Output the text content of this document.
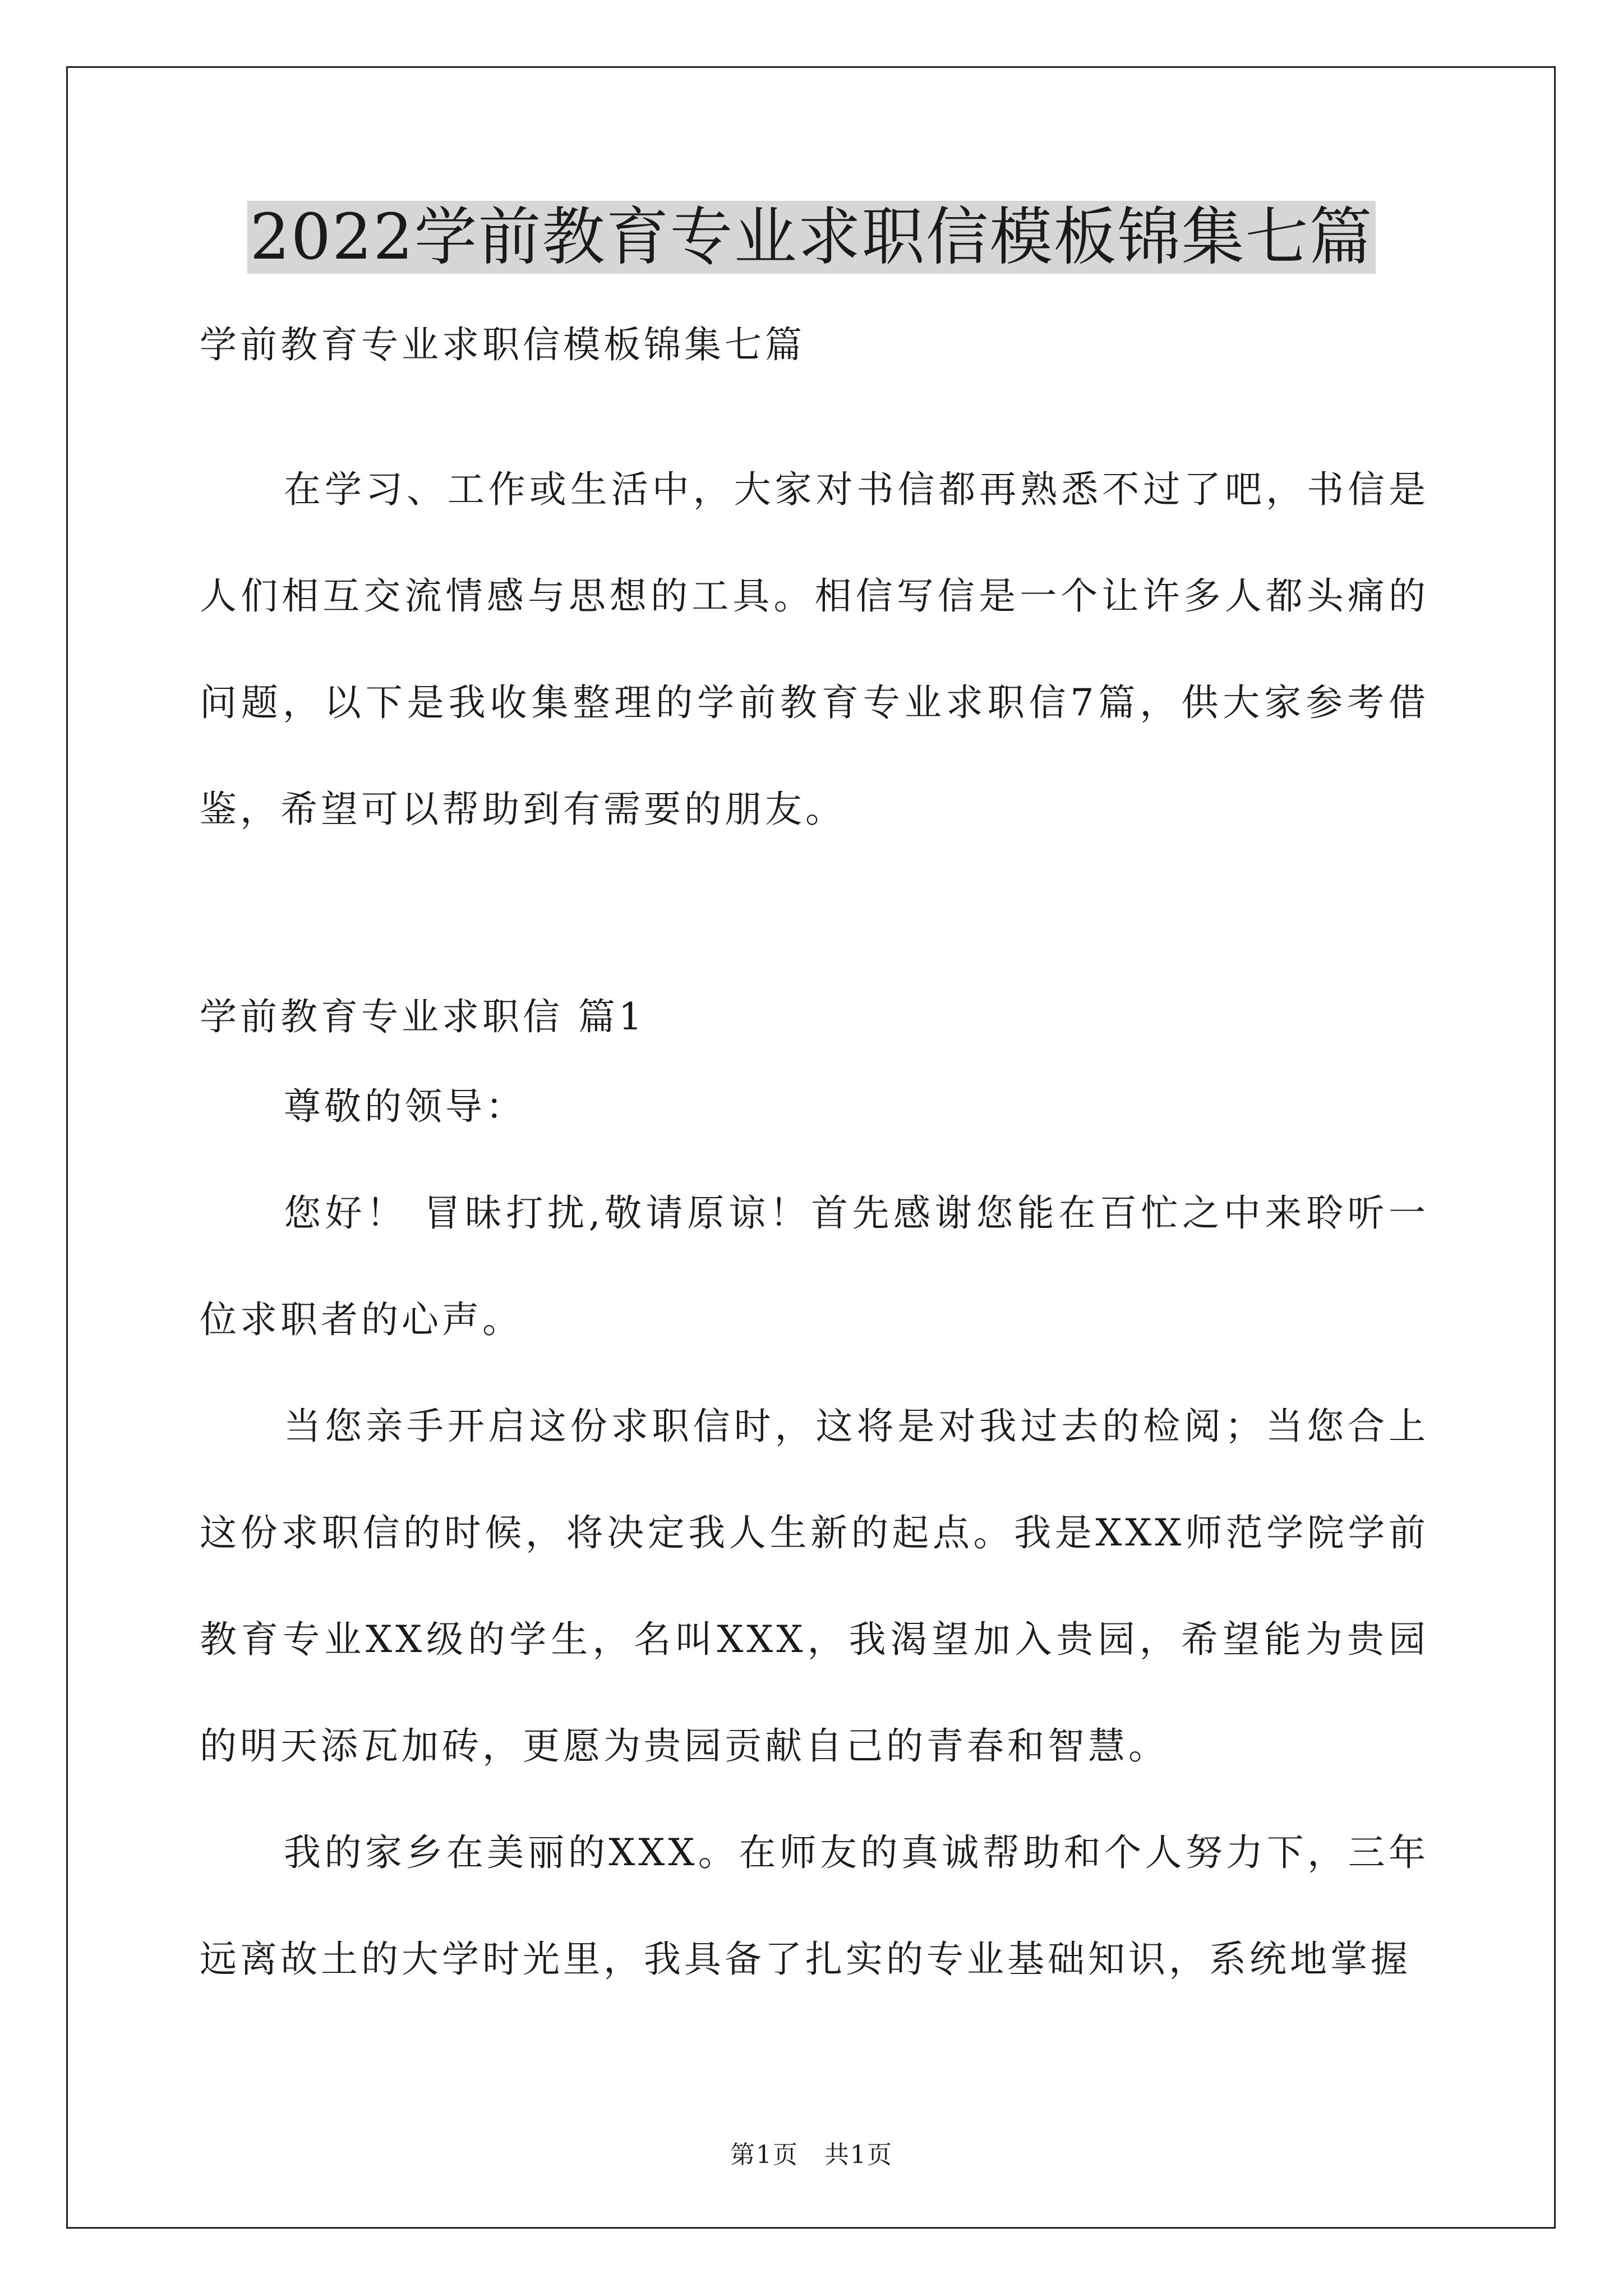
2022学前教育专业求职信模板锦集七篇
学前教育专业求职信模板锦集七篇

在学习、工作或生活中，大家对书信都再熟悉不过了吧，书信是人们相互交流情感与思想的工具。相信写信是一个让许多人都头痛的问题，以下是我收集整理的学前教育专业求职信7篇，供大家参考借鉴，希望可以帮助到有需要的朋友。

学前教育专业求职信 篇1

尊敬的领导：

您好！ 冒昧打扰,敬请原谅！首先感谢您能在百忙之中来聆听一位求职者的心声。

当您亲手开启这份求职信时，这将是对我过去的检阅；当您合上这份求职信的时候，将决定我人生新的起点。我是XXX师范学院学前教育专业XX级的学生，名叫XXX，我渴望加入贵园，希望能为贵园的明天添瓦加砖，更愿为贵园贡献自己的青春和智慧。

我的家乡在美丽的XXX。在师友的真诚帮助和个人努力下，三年远离故土的大学时光里，我具备了扎实的专业基础知识，系统地掌握

第1页　共1页
